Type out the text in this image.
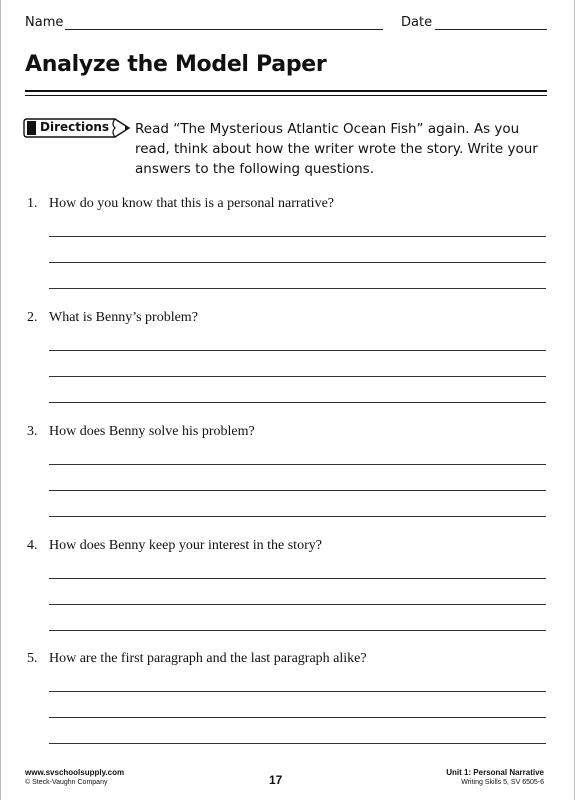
Name	Date
Analyze the Model Paper
Directions Read “The Mysterious Atlantic Ocean Fish” again. As you read, think about how the writer wrote the story. Write your answers to the following questions.
1. How do you know that this is a personal narrative?
2. What is Benny’s problem?
3. How does Benny solve his problem?
4. How does Benny keep your interest in the story?
5. How are the first paragraph and the last paragraph alike?
www.svschoolsupply.com
© Steck-Vaughn Company	17
Unit 1: Personal Narrative
Writing Skills 5, SV 6505-6
